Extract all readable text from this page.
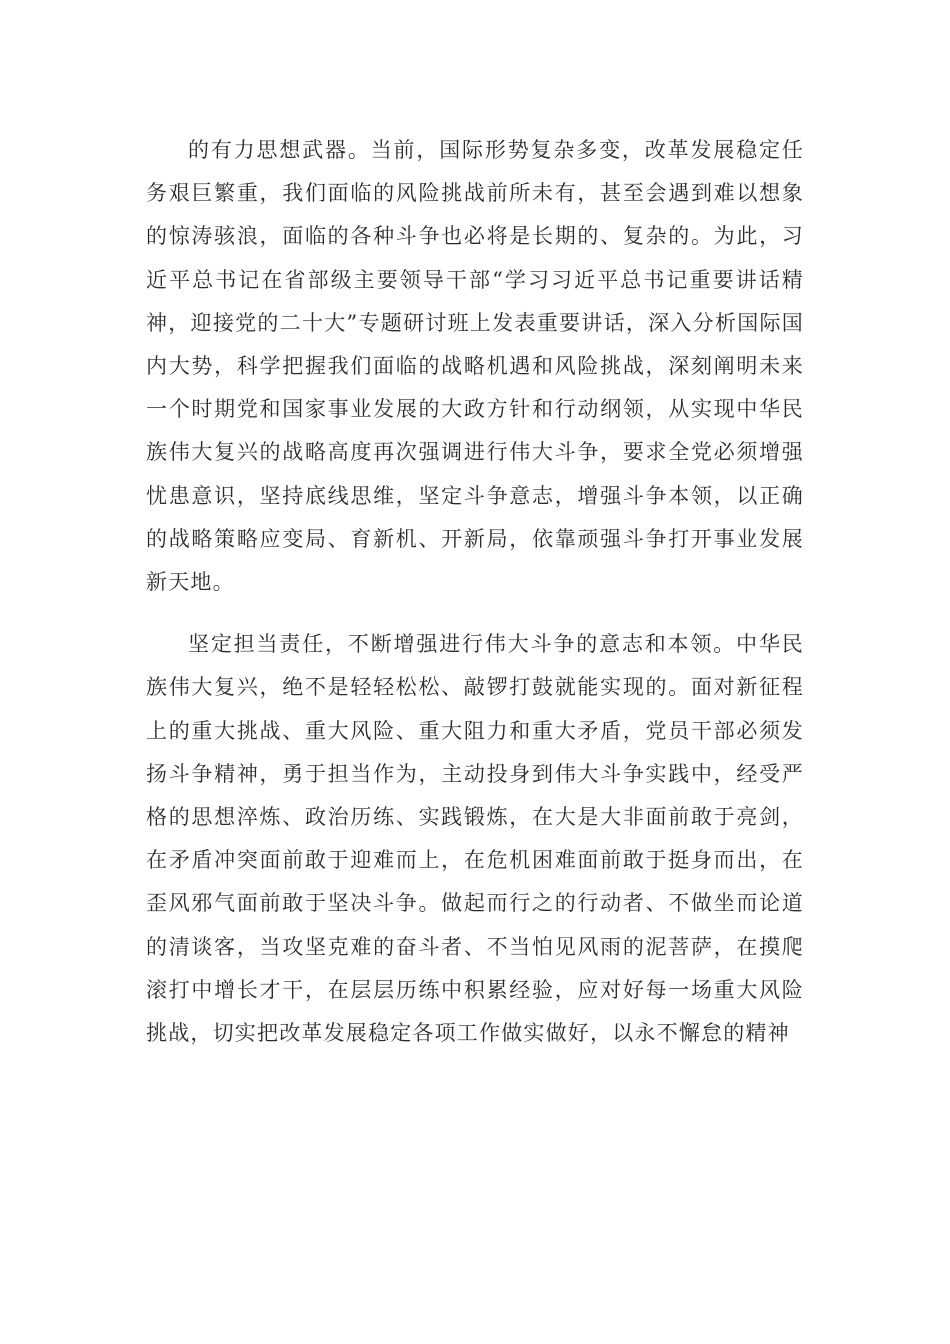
的有力思想武器。当前，国际形势复杂多变，改革发展稳定任务艰巨繁重，我们面临的风险挑战前所未有，甚至会遇到难以想象的惊涛骇浪，面临的各种斗争也必将是长期的、复杂的。为此，习近平总书记在省部级主要领导干部“学习习近平总书记重要讲话精神，迎接党的二十大”专题研讨班上发表重要讲话，深入分析国际国内大势，科学把握我们面临的战略机遇和风险挑战，深刻阐明未来一个时期党和国家事业发展的大政方针和行动纲领，从实现中华民族伟大复兴的战略高度再次强调进行伟大斗争，要求全党必须增强忧患意识，坚持底线思维，坚定斗争意志，增强斗争本领，以正确的战略策略应变局、育新机、开新局，依靠顽强斗争打开事业发展新天地。

坚定担当责任，不断增强进行伟大斗争的意志和本领。中华民族伟大复兴，绝不是轻轻松松、敲锣打鼓就能实现的。面对新征程上的重大挑战、重大风险、重大阻力和重大矛盾，党员干部必须发扬斗争精神，勇于担当作为，主动投身到伟大斗争实践中，经受严格的思想淬炼、政治历练、实践锻炼，在大是大非面前敢于亮剑，在矛盾冲突面前敢于迎难而上，在危机困难面前敢于挺身而出，在歪风邪气面前敢于坚决斗争。做起而行之的行动者、不做坐而论道的清谈客，当攻坚克难的奋斗者、不当怕见风雨的泥菩萨，在摸爬滚打中增长才干，在层层历练中积累经验，应对好每一场重大风险挑战，切实把改革发展稳定各项工作做实做好，以永不懈怠的精神
